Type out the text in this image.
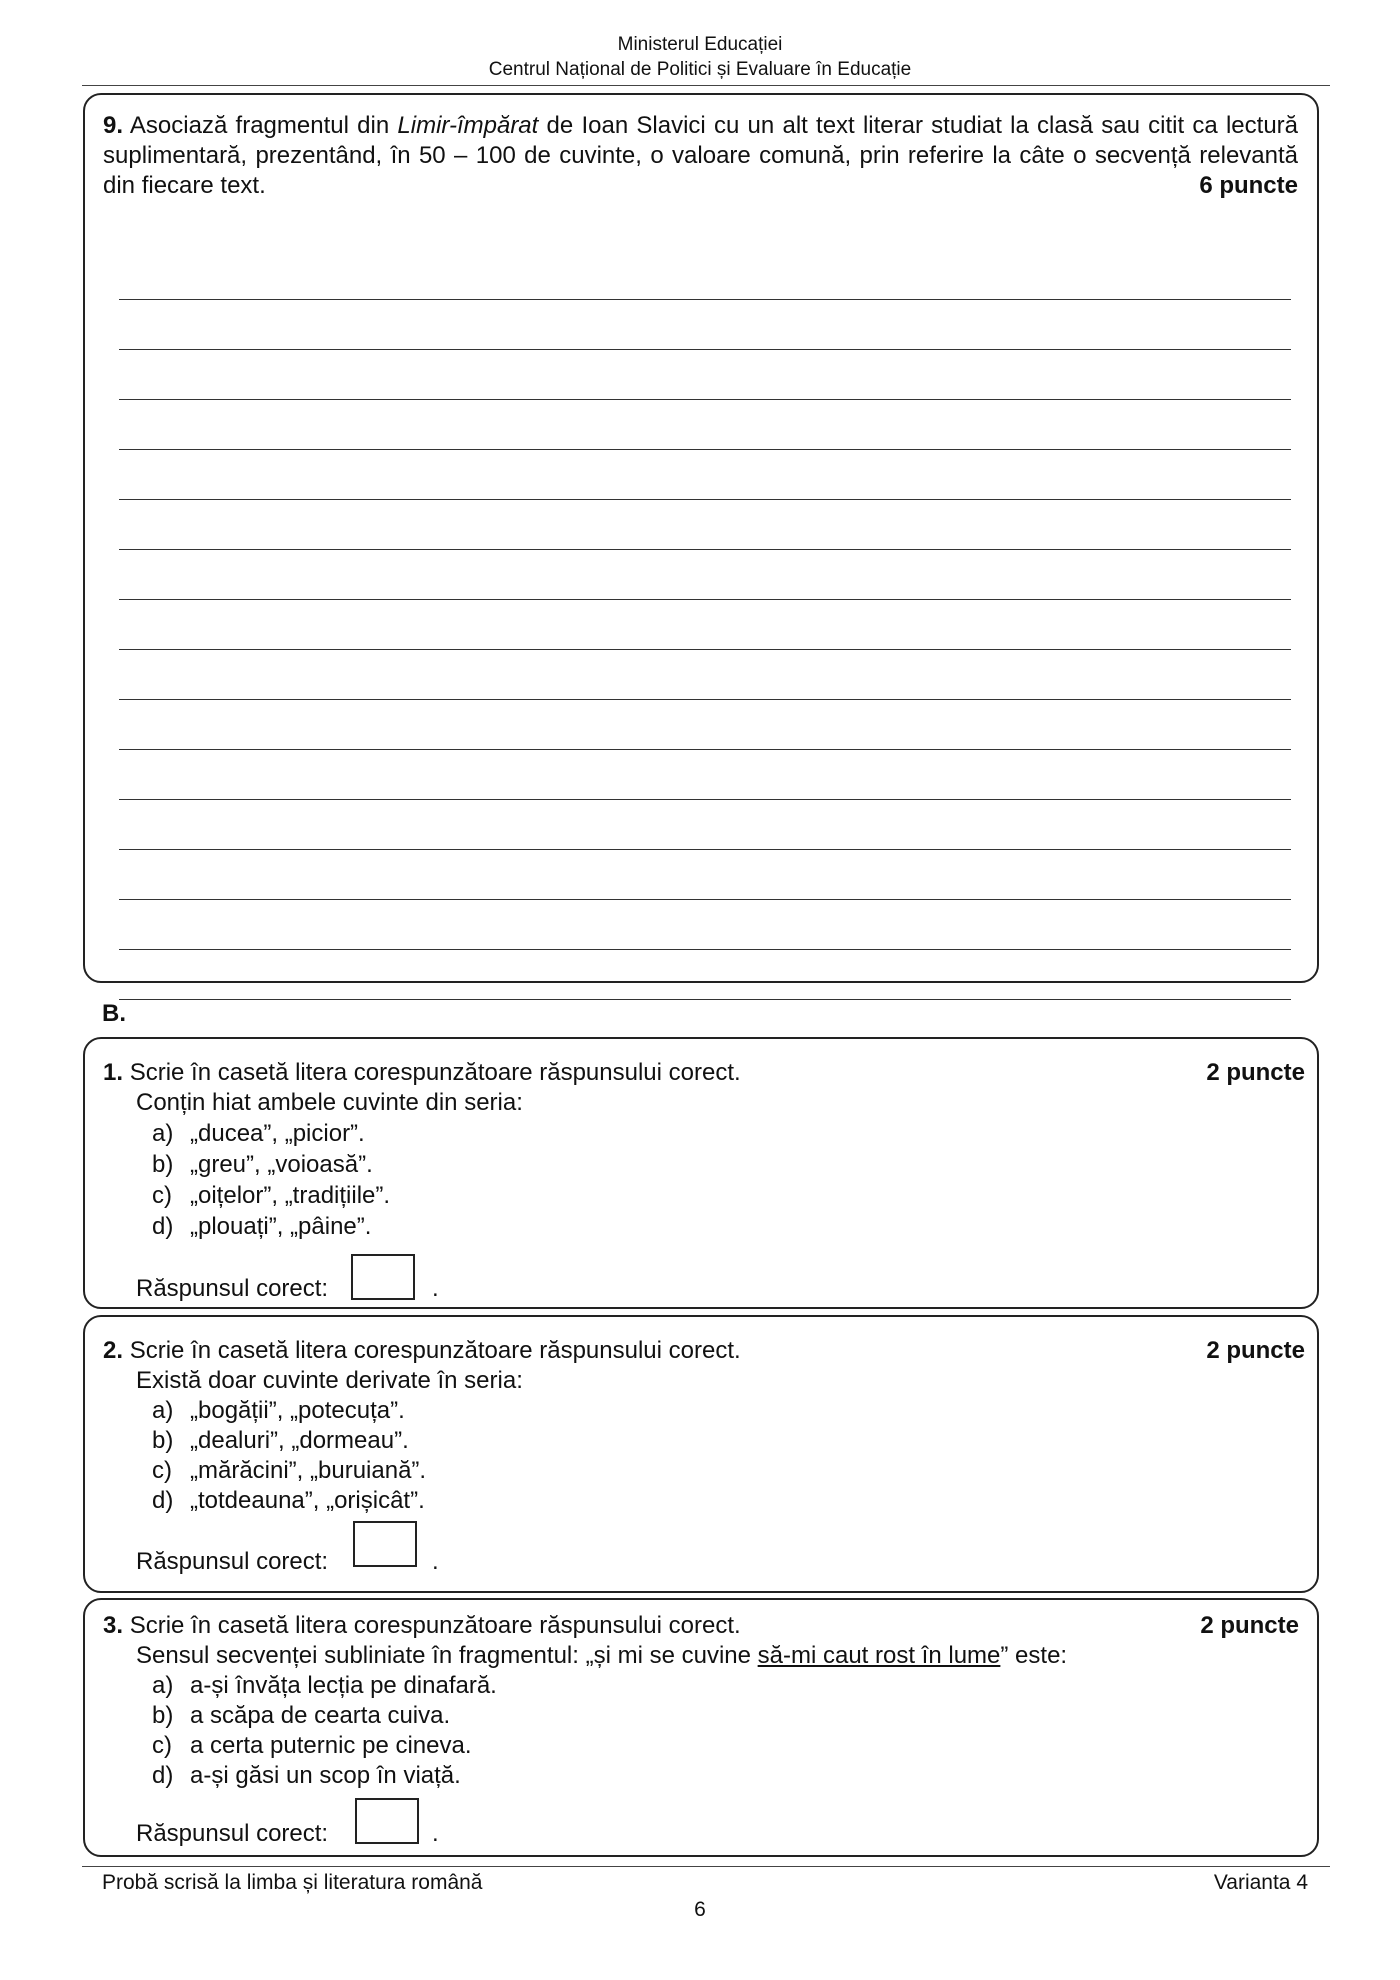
Ministerul Educației
Centrul Național de Politici și Evaluare în Educație
9. Asociază fragmentul din Limir-împărat de Ioan Slavici cu un alt text literar studiat la clasă sau citit ca lectură suplimentară, prezentând, în 50 – 100 de cuvinte, o valoare comună, prin referire la câte o secvență relevantă din fiecare text.	6 puncte
B.
1. Scrie în casetă litera corespunzătoare răspunsului corect.	2 puncte
Conțin hiat ambele cuvinte din seria:
a) „ducea”, „picior”.
b) „greu”, „voioasă”.
c) „oițelor”, „tradițiile”.
d) „plouați”, „pâine”.
Răspunsul corect:	.
2. Scrie în casetă litera corespunzătoare răspunsului corect.	2 puncte
Există doar cuvinte derivate în seria:
a) „bogății”, „potecuța”.
b) „dealuri”, „dormeau”.
c) „mărăcini”, „buruiană”.
d) „totdeauna”, „orișicât”.
Răspunsul corect:	.
3. Scrie în casetă litera corespunzătoare răspunsului corect.	2 puncte
Sensul secvenței subliniate în fragmentul: „și mi se cuvine să-mi caut rost în lume” este:
a) a-și învăța lecția pe dinafară.
b) a scăpa de cearta cuiva.
c) a certa puternic pe cineva.
d) a-și găsi un scop în viață.
Răspunsul corect:	.
Probă scrisă la limba și literatura română	Varianta 4
6
